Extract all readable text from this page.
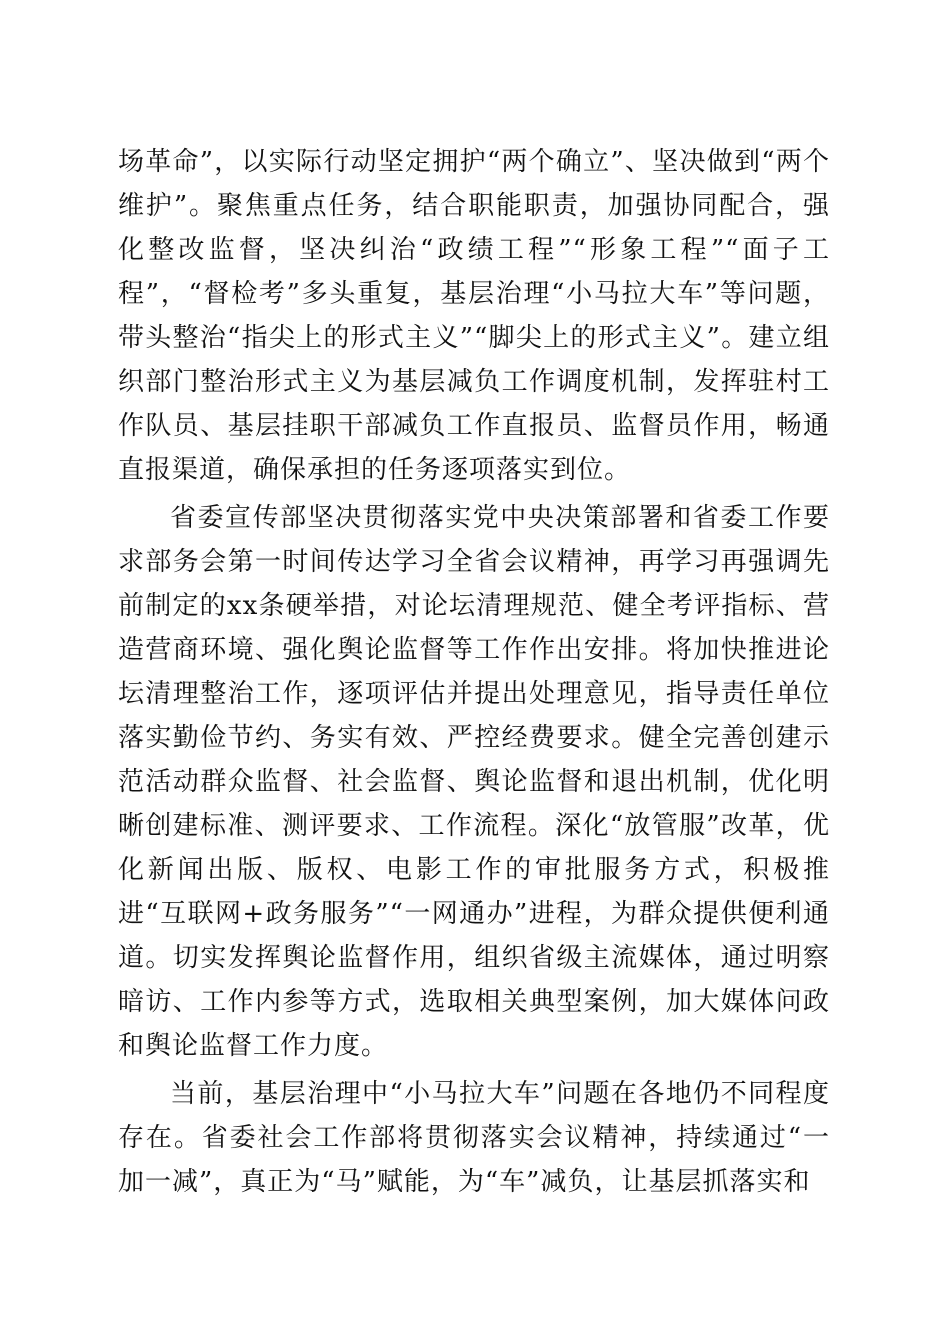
场革命”，以实际行动坚定拥护“两个确立”、坚决做到“两个维护”。聚焦重点任务，结合职能职责，加强协同配合，强化整改监督，坚决纠治“政绩工程”“形象工程”“面子工程”，“督检考”多头重复，基层治理“小马拉大车”等问题，带头整治“指尖上的形式主义”“脚尖上的形式主义”。建立组织部门整治形式主义为基层减负工作调度机制，发挥驻村工作队员、基层挂职干部减负工作直报员、监督员作用，畅通直报渠道，确保承担的任务逐项落实到位。

省委宣传部坚决贯彻落实党中央决策部署和省委工作要求部务会第一时间传达学习全省会议精神，再学习再强调先前制定的xx条硬举措，对论坛清理规范、健全考评指标、营造营商环境、强化舆论监督等工作作出安排。将加快推进论坛清理整治工作，逐项评估并提出处理意见，指导责任单位落实勤俭节约、务实有效、严控经费要求。健全完善创建示范活动群众监督、社会监督、舆论监督和退出机制，优化明晰创建标准、测评要求、工作流程。深化“放管服”改革，优化新闻出版、版权、电影工作的审批服务方式，积极推进“互联网+政务服务”“一网通办”进程，为群众提供便利通道。切实发挥舆论监督作用，组织省级主流媒体，通过明察暗访、工作内参等方式，选取相关典型案例，加大媒体问政和舆论监督工作力度。

当前，基层治理中“小马拉大车”问题在各地仍不同程度存在。省委社会工作部将贯彻落实会议精神，持续通过“一加一减”，真正为“马”赋能，为“车”减负，让基层抓落实和
